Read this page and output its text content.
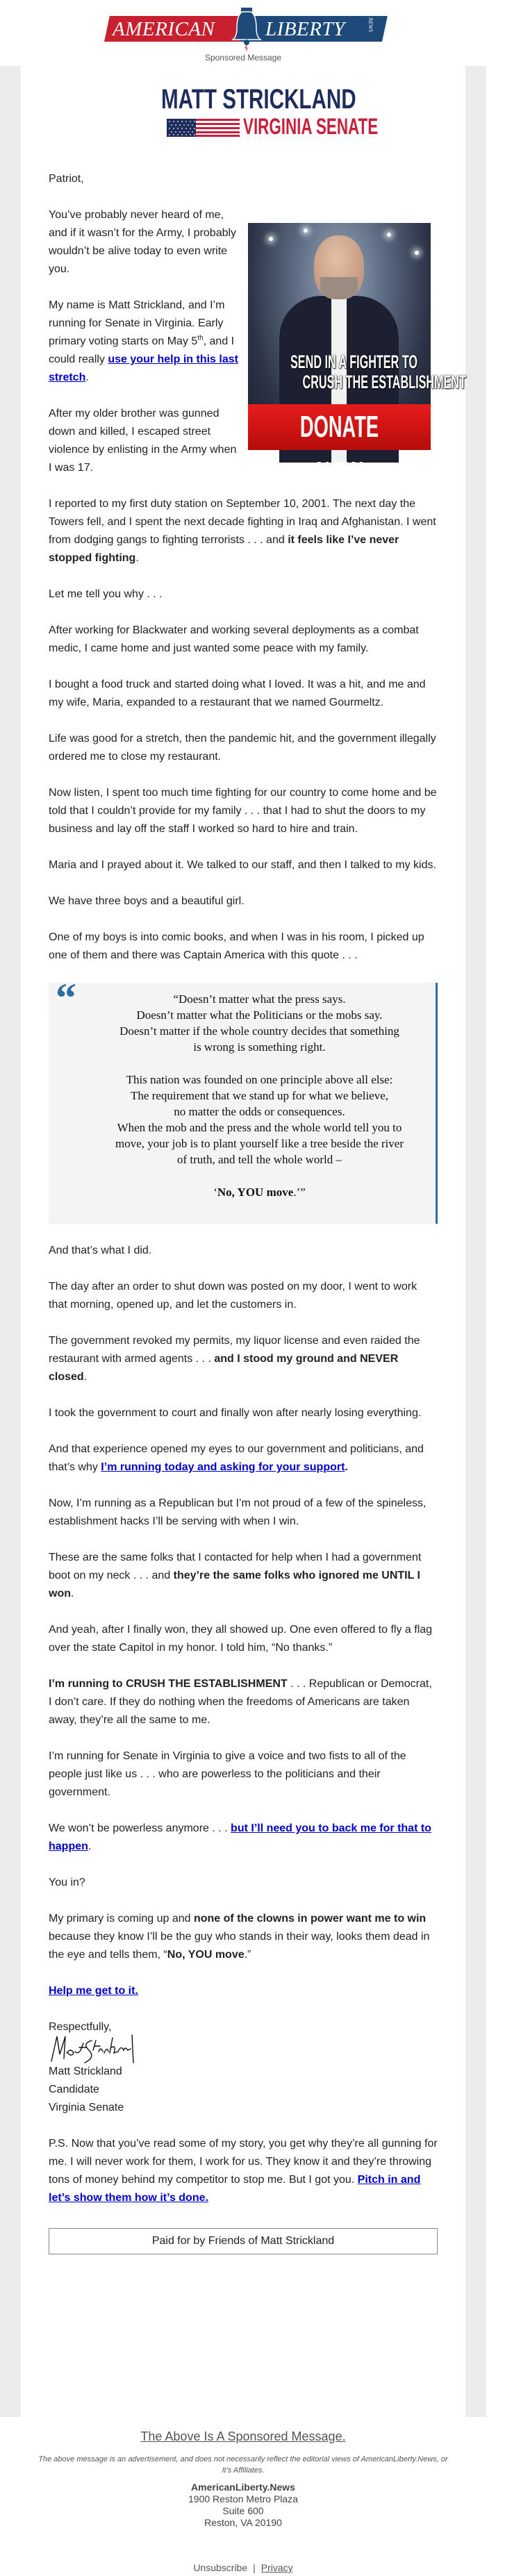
AMERICAN	LIBERTY	NEWS
Sponsored Message
MATT STRICKLAND
VIRGINIA SENATE

Patriot,

SEND IN A FIGHTER TO
CRUSH THE ESTABLISHMENT
DONATE NOW

You’ve probably never heard of me, and if it wasn’t for the Army, I probably wouldn’t be alive today to even write you.

My name is Matt Strickland, and I’m running for Senate in Virginia. Early primary voting starts on May 5th, and I could really use your help in this last stretch.

After my older brother was gunned down and killed, I escaped street violence by enlisting in the Army when I was 17.

I reported to my first duty station on September 10, 2001. The next day the Towers fell, and I spent the next decade fighting in Iraq and Afghanistan. I went from dodging gangs to fighting terrorists . . . and it feels like I’ve never stopped fighting.

Let me tell you why . . .

After working for Blackwater and working several deployments as a combat medic, I came home and just wanted some peace with my family.

I bought a food truck and started doing what I loved. It was a hit, and me and my wife, Maria, expanded to a restaurant that we named Gourmeltz.

Life was good for a stretch, then the pandemic hit, and the government illegally ordered me to close my restaurant.

Now listen, I spent too much time fighting for our country to come home and be told that I couldn’t provide for my family . . . that I had to shut the doors to my business and lay off the staff I worked so hard to hire and train.

Maria and I prayed about it. We talked to our staff, and then I talked to my kids.

We have three boys and a beautiful girl.

One of my boys is into comic books, and when I was in his room, I picked up one of them and there was Captain America with this quote . . .

“	“Doesn’t matter what the press says.
Doesn’t matter what the Politicians or the mobs say.
Doesn’t matter if the whole country decides that something
is wrong is something right.
This nation was founded on one principle above all else:
The requirement that we stand up for what we believe,
no matter the odds or consequences.
When the mob and the press and the whole world tell you to
move, your job is to plant yourself like a tree beside the river
of truth, and tell the whole world –
‘No, YOU move.’”

And that’s what I did.

The day after an order to shut down was posted on my door, I went to work that morning, opened up, and let the customers in.

The government revoked my permits, my liquor license and even raided the restaurant with armed agents . . . and I stood my ground and NEVER closed.

I took the government to court and finally won after nearly losing everything.

And that experience opened my eyes to our government and politicians, and that’s why I’m running today and asking for your support.

Now, I’m running as a Republican but I’m not proud of a few of the spineless, establishment hacks I’ll be serving with when I win.

These are the same folks that I contacted for help when I had a government boot on my neck . . . and they’re the same folks who ignored me UNTIL I won.

And yeah, after I finally won, they all showed up. One even offered to fly a flag over the state Capitol in my honor. I told him, “No thanks.”

I’m running to CRUSH THE ESTABLISHMENT . . . Republican or Democrat, I don’t care. If they do nothing when the freedoms of Americans are taken away, they’re all the same to me.

I’m running for Senate in Virginia to give a voice and two fists to all of the people just like us . . . who are powerless to the politicians and their government.

We won’t be powerless anymore . . . but I’ll need you to back me for that to happen.

You in?

My primary is coming up and none of the clowns in power want me to win because they know I’ll be the guy who stands in their way, looks them dead in the eye and tells them, “No, YOU move.”

Help me get to it.

Respectfully,
Matt Strickland
Candidate
Virginia Senate

P.S. Now that you’ve read some of my story, you get why they’re all gunning for me. I will never work for them, I work for us. They know it and they’re throwing tons of money behind my competitor to stop me. But I got you. Pitch in and let’s show them how it’s done.

Paid for by Friends of Matt Strickland
The Above Is A Sponsored Message.
The above message is an advertisement, and does not necessarily reflect the editorial views of AmericanLiberty.News, or It's Affiliates.
AmericanLiberty.News
1900 Reston Metro Plaza
Suite 600
Reston, VA 20190
Unsubscribe | Privacy
